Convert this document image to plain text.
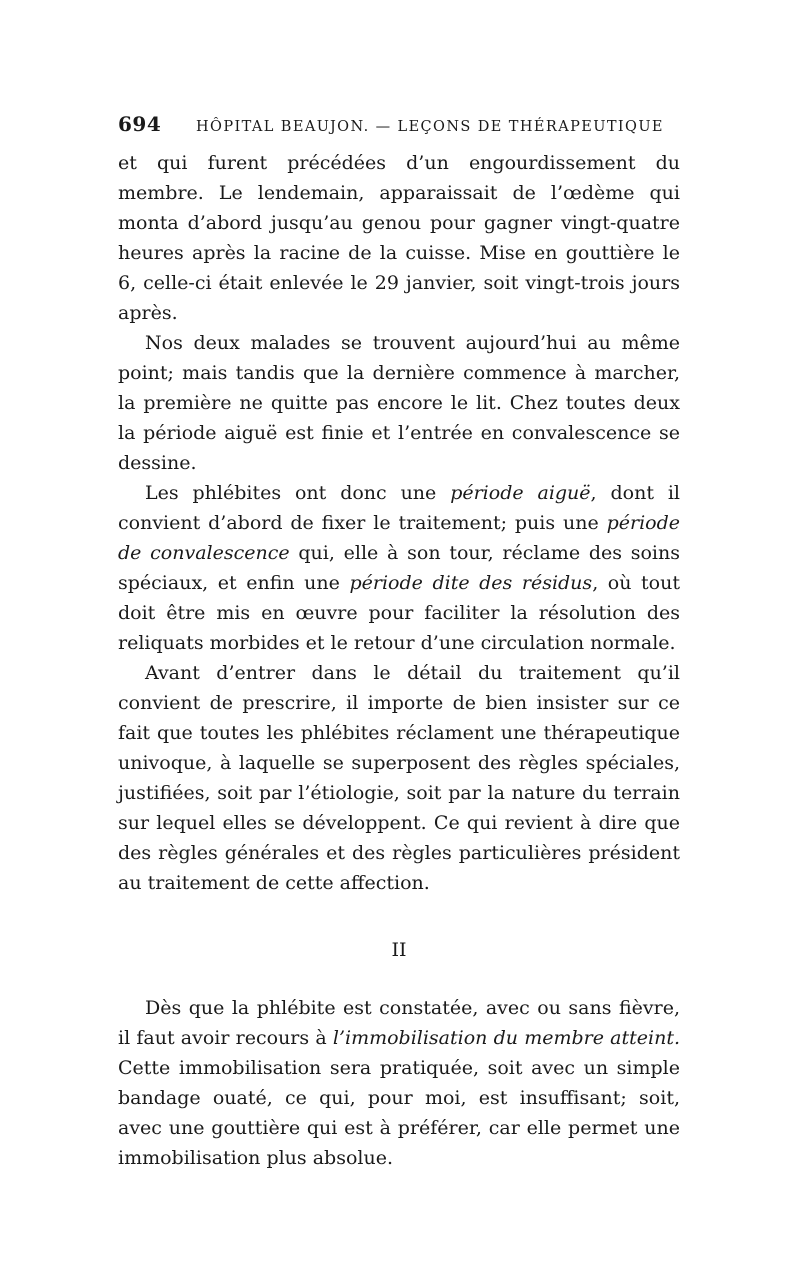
694	HÔPITAL BEAUJON. — LEÇONS DE THÉRAPEUTIQUE

et qui furent précédées d’un engourdissement du membre. Le lendemain, apparaissait de l’œdème qui monta d’abord jusqu’au genou pour gagner vingt-quatre heures après la racine de la cuisse. Mise en gouttière le 6, celle-ci était enlevée le 29 janvier, soit vingt-trois jours après.

Nos deux malades se trouvent aujourd’hui au même point; mais tandis que la dernière commence à marcher, la première ne quitte pas encore le lit. Chez toutes deux la période aiguë est finie et l’entrée en convalescence se dessine.

Les phlébites ont donc une période aiguë, dont il convient d’abord de fixer le traitement; puis une période de convalescence qui, elle à son tour, réclame des soins spéciaux, et enfin une période dite des résidus, où tout doit être mis en œuvre pour faciliter la résolution des reliquats morbides et le retour d’une circulation normale.

Avant d’entrer dans le détail du traitement qu’il convient de prescrire, il importe de bien insister sur ce fait que toutes les phlébites réclament une thérapeutique univoque, à laquelle se superposent des règles spéciales, justifiées, soit par l’étiologie, soit par la nature du terrain sur lequel elles se développent. Ce qui revient à dire que des règles générales et des règles particulières président au traitement de cette affection.

II

Dès que la phlébite est constatée, avec ou sans fièvre, il faut avoir recours à l’immobilisation du membre atteint. Cette immobilisation sera pratiquée, soit avec un simple bandage ouaté, ce qui, pour moi, est insuffisant; soit, avec une gouttière qui est à préférer, car elle permet une immobilisation plus absolue.
